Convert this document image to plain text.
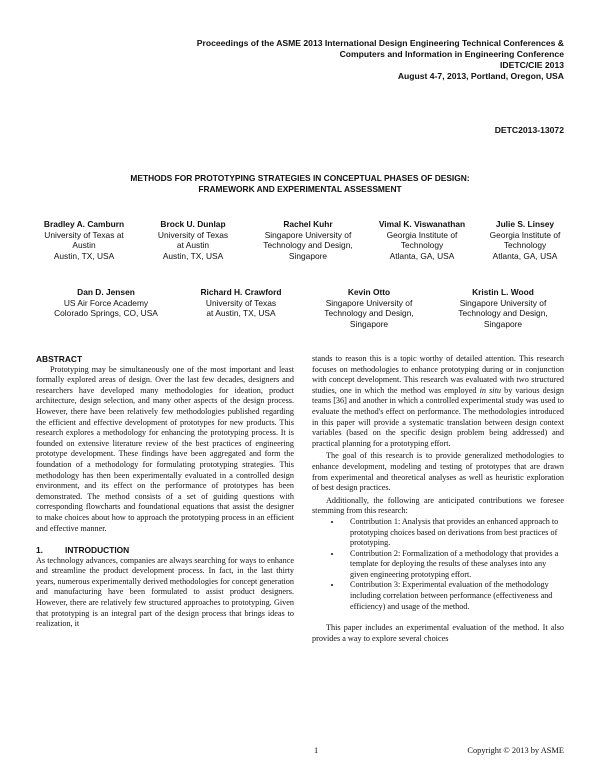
Proceedings of the ASME 2013 International Design Engineering Technical Conferences &
Computers and Information in Engineering Conference
IDETC/CIE 2013
August 4-7, 2013, Portland, Oregon, USA
DETC2013-13072
METHODS FOR PROTOTYPING STRATEGIES IN CONCEPTUAL PHASES OF DESIGN:
FRAMEWORK AND EXPERIMENTAL ASSESSMENT
Bradley A. Camburn
University of Texas at
Austin
Austin, TX, USA
Brock U. Dunlap
University of Texas
at Austin
Austin, TX, USA
Rachel Kuhr
Singapore University of
Technology and Design,
Singapore
Vimal K. Viswanathan
Georgia Institute of
Technology
Atlanta, GA, USA
Julie S. Linsey
Georgia Institute of
Technology
Atlanta, GA, USA
Dan D. Jensen
US Air Force Academy
Colorado Springs, CO, USA
Richard H. Crawford
University of Texas
at Austin, TX, USA
Kevin Otto
Singapore University of
Technology and Design,
Singapore
Kristin L. Wood
Singapore University of
Technology and Design,
Singapore
ABSTRACT

Prototyping may be simultaneously one of the most important and least formally explored areas of design. Over the last few decades, designers and researchers have developed many methodologies for ideation, product architecture, design selection, and many other aspects of the design process. However, there have been relatively few methodologies published regarding the efficient and effective development of prototypes for new products. This research explores a methodology for enhancing the prototyping process. It is founded on extensive literature review of the best practices of engineering prototype development. These findings have been aggregated and form the foundation of a methodology for formulating prototyping strategies. This methodology has then been experimentally evaluated in a controlled design environment, and its effect on the performance of prototypes has been demonstrated. The method consists of a set of guiding questions with corresponding flowcharts and foundational equations that assist the designer to make choices about how to approach the prototyping process in an efficient and effective manner.

1.	INTRODUCTION

As technology advances, companies are always searching for ways to enhance and streamline the product development process. In fact, in the last thirty years, numerous experimentally derived methodologies for concept generation and manufacturing have been formulated to assist product designers. However, there are relatively few structured approaches to prototyping. Given that prototyping is an integral part of the design process that brings ideas to realization, it

stands to reason this is a topic worthy of detailed attention. This research focuses on methodologies to enhance prototyping during or in conjunction with concept development. This research was evaluated with two structured studies, one in which the method was employed in situ by various design teams [36] and another in which a controlled experimental study was used to evaluate the method's effect on performance. The methodologies introduced in this paper will provide a systematic translation between design context variables (based on the specific design problem being addressed) and practical planning for a prototyping effort.

The goal of this research is to provide generalized methodologies to enhance development, modeling and testing of prototypes that are drawn from experimental and theoretical analyses as well as heuristic exploration of best design practices.

Additionally, the following are anticipated contributions we foresee stemming from this research:

• Contribution 1: Analysis that provides an enhanced approach to prototyping choices based on derivations from best practices of prototyping.
• Contribution 2: Formalization of a methodology that provides a template for deploying the results of these analyses into any given engineering prototyping effort.
• Contribution 3: Experimental evaluation of the methodology including correlation between performance (effectiveness and efficiency) and usage of the method.

This paper includes an experimental evaluation of the method. It also provides a way to explore several choices

1	Copyright © 2013 by ASME
